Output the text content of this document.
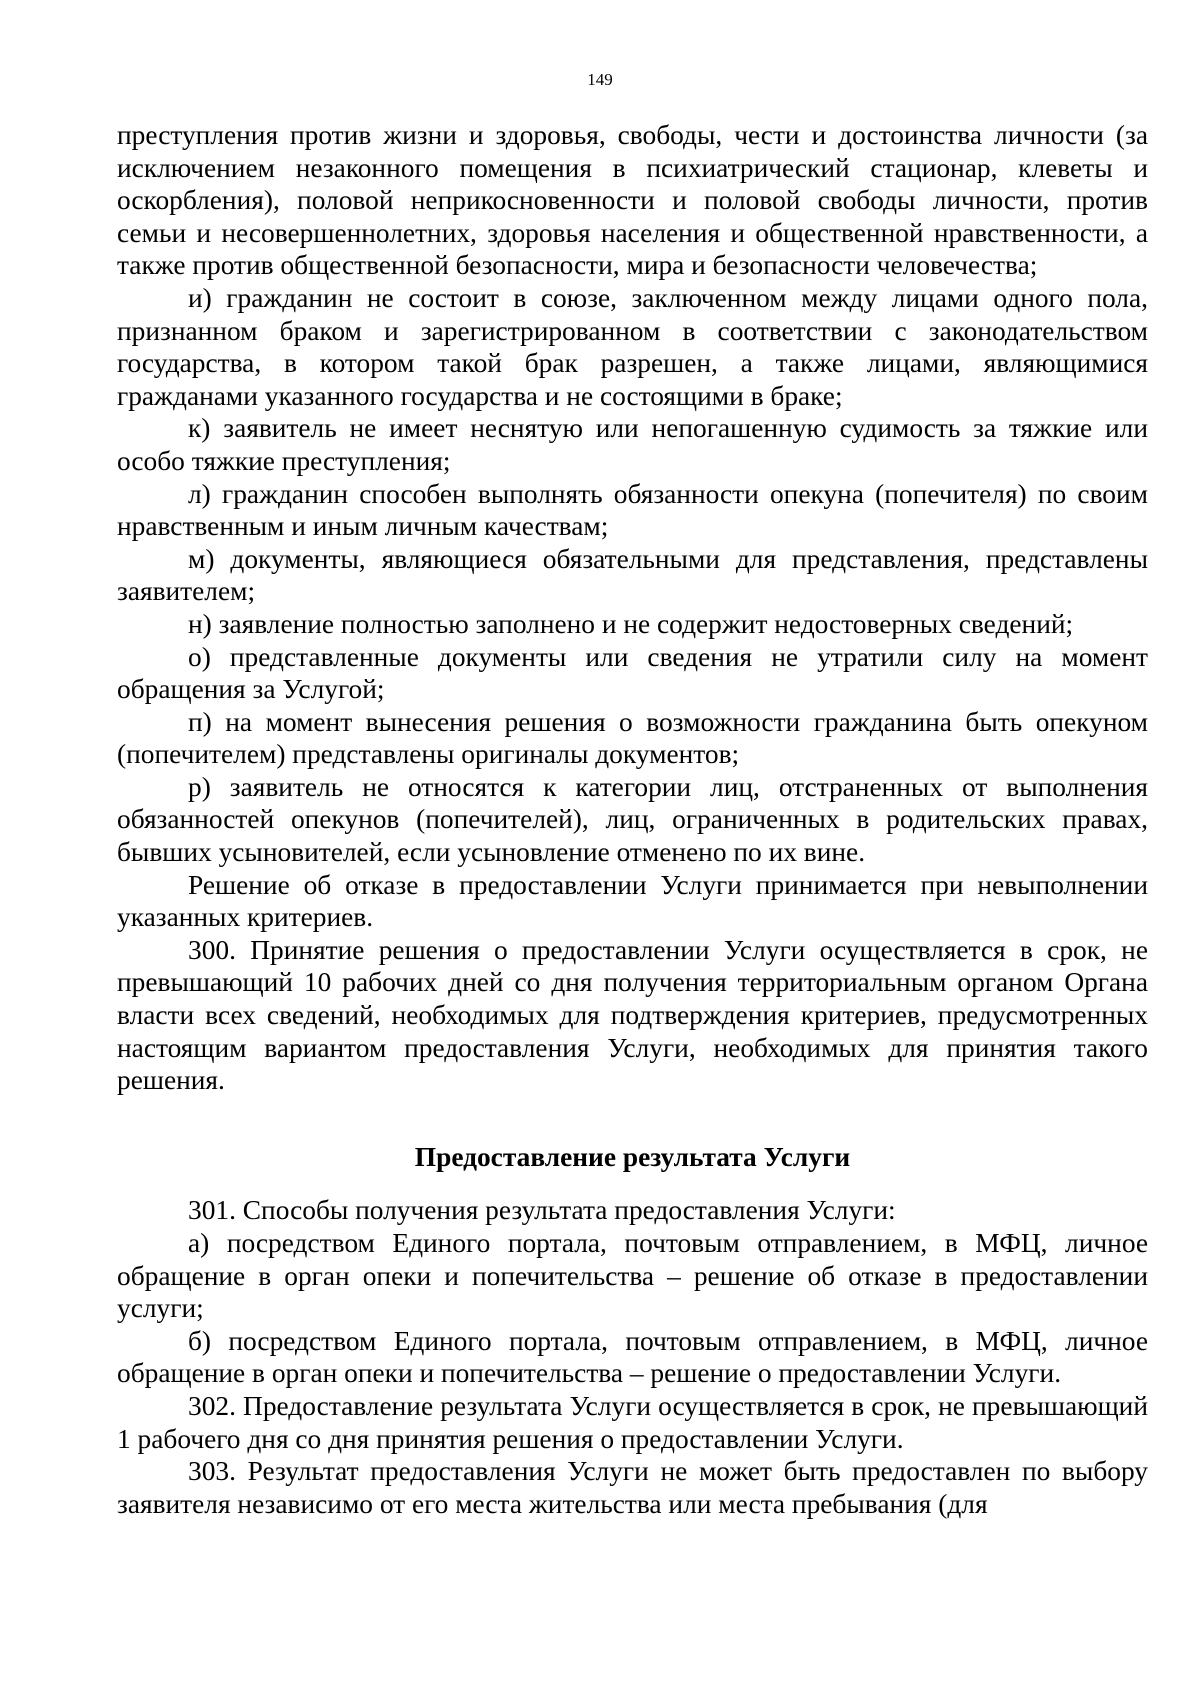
149

преступления против жизни и здоровья, свободы, чести и достоинства личности (за исключением незаконного помещения в психиатрический стационар, клеветы и оскорбления), половой неприкосновенности и половой свободы личности, против семьи и несовершеннолетних, здоровья населения и общественной нравственности, а также против общественной безопасности, мира и безопасности человечества;

и) гражданин не состоит в союзе, заключенном между лицами одного пола, признанном браком и зарегистрированном в соответствии с законодательством государства, в котором такой брак разрешен, а также лицами, являющимися гражданами указанного государства и не состоящими в браке;

к) заявитель не имеет неснятую или непогашенную судимость за тяжкие или особо тяжкие преступления;

л) гражданин способен выполнять обязанности опекуна (попечителя) по своим нравственным и иным личным качествам;

м) документы, являющиеся обязательными для представления, представлены заявителем;

н) заявление полностью заполнено и не содержит недостоверных сведений;

о) представленные документы или сведения не утратили силу на момент обращения за Услугой;

п) на момент вынесения решения о возможности гражданина быть опекуном (попечителем) представлены оригиналы документов;

р) заявитель не относятся к категории лиц, отстраненных от выполнения обязанностей опекунов (попечителей), лиц, ограниченных в родительских правах, бывших усыновителей, если усыновление отменено по их вине.

Решение об отказе в предоставлении Услуги принимается при невыполнении указанных критериев.

300. Принятие решения о предоставлении Услуги осуществляется в срок, не превышающий 10 рабочих дней со дня получения территориальным органом Органа власти всех сведений, необходимых для подтверждения критериев, предусмотренных настоящим вариантом предоставления Услуги, необходимых для принятия такого решения.

Предоставление результата Услуги

301. Способы получения результата предоставления Услуги:

а) посредством Единого портала, почтовым отправлением, в МФЦ, личное обращение в орган опеки и попечительства – решение об отказе в предоставлении услуги;

б) посредством Единого портала, почтовым отправлением, в МФЦ, личное обращение в орган опеки и попечительства – решение о предоставлении Услуги.

302. Предоставление результата Услуги осуществляется в срок, не превышающий 1 рабочего дня со дня принятия решения о предоставлении Услуги.

303. Результат предоставления Услуги не может быть предоставлен по выбору заявителя независимо от его места жительства или места пребывания (для
